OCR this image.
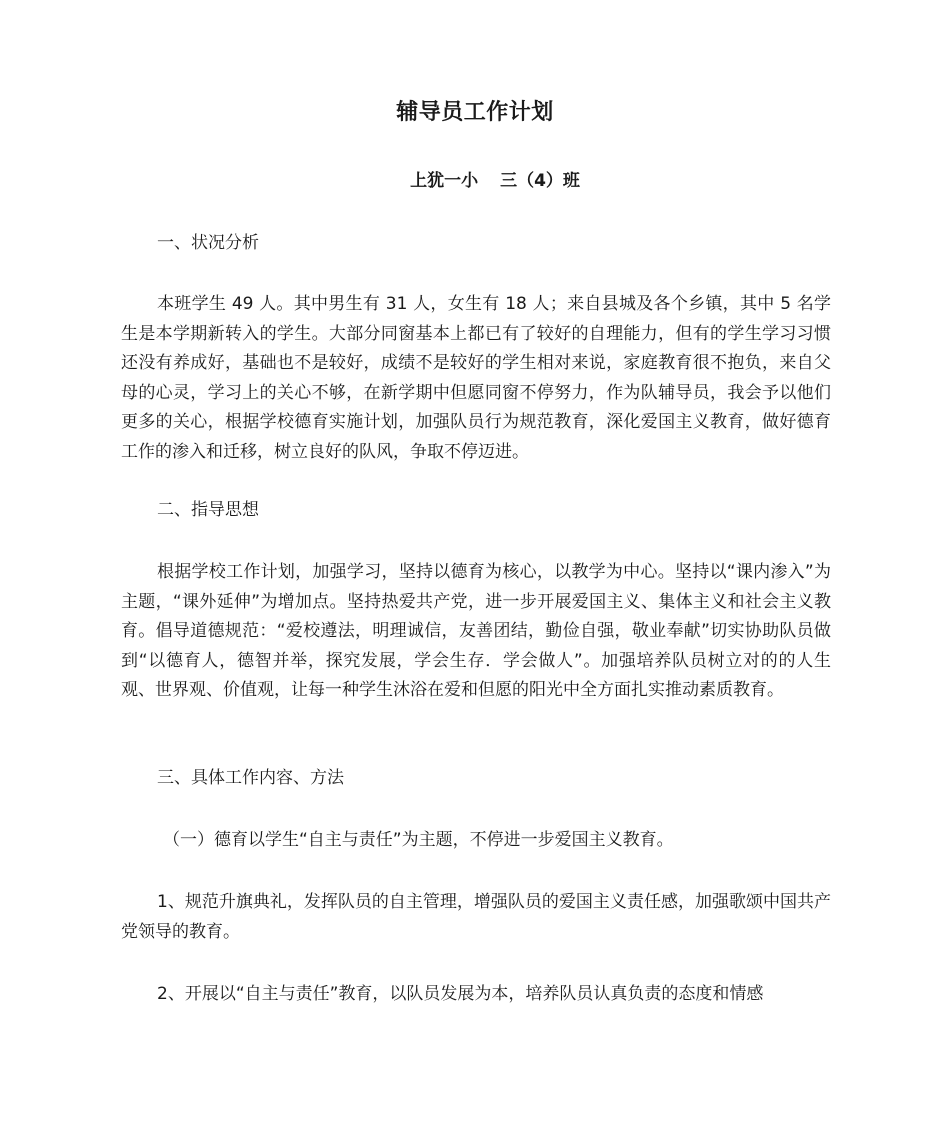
辅导员工作计划
上犹一小 三（4）班

一、状况分析

本班学生 49 人。其中男生有 31 人，女生有 18 人；来自县城及各个乡镇，其中 5 名学生是本学期新转入的学生。大部分同窗基本上都已有了较好的自理能力，但有的学生学习习惯还没有养成好，基础也不是较好，成绩不是较好的学生相对来说，家庭教育很不抱负，来自父母的心灵，学习上的关心不够，在新学期中但愿同窗不停努力，作为队辅导员，我会予以他们更多的关心，根据学校德育实施计划，加强队员行为规范教育，深化爱国主义教育，做好德育工作的渗入和迁移，树立良好的队风，争取不停迈进。

二、指导思想

根据学校工作计划，加强学习，坚持以德育为核心，以教学为中心。坚持以“课内渗入”为主题，“课外延伸”为增加点。坚持热爱共产党，进一步开展爱国主义、集体主义和社会主义教育。倡导道德规范：“爱校遵法，明理诚信，友善团结，勤俭自强，敬业奉献”切实协助队员做到“以德育人，德智并举，探究发展，学会生存．学会做人”。加强培养队员树立对的的人生观、世界观、价值观，让每一种学生沐浴在爱和但愿的阳光中全方面扎实推动素质教育。

三、具体工作内容、方法

（一）德育以学生“自主与责任”为主题，不停进一步爱国主义教育。

1、规范升旗典礼，发挥队员的自主管理，增强队员的爱国主义责任感，加强歌颂中国共产党领导的教育。

2、开展以“自主与责任”教育，以队员发展为本，培养队员认真负责的态度和情感
